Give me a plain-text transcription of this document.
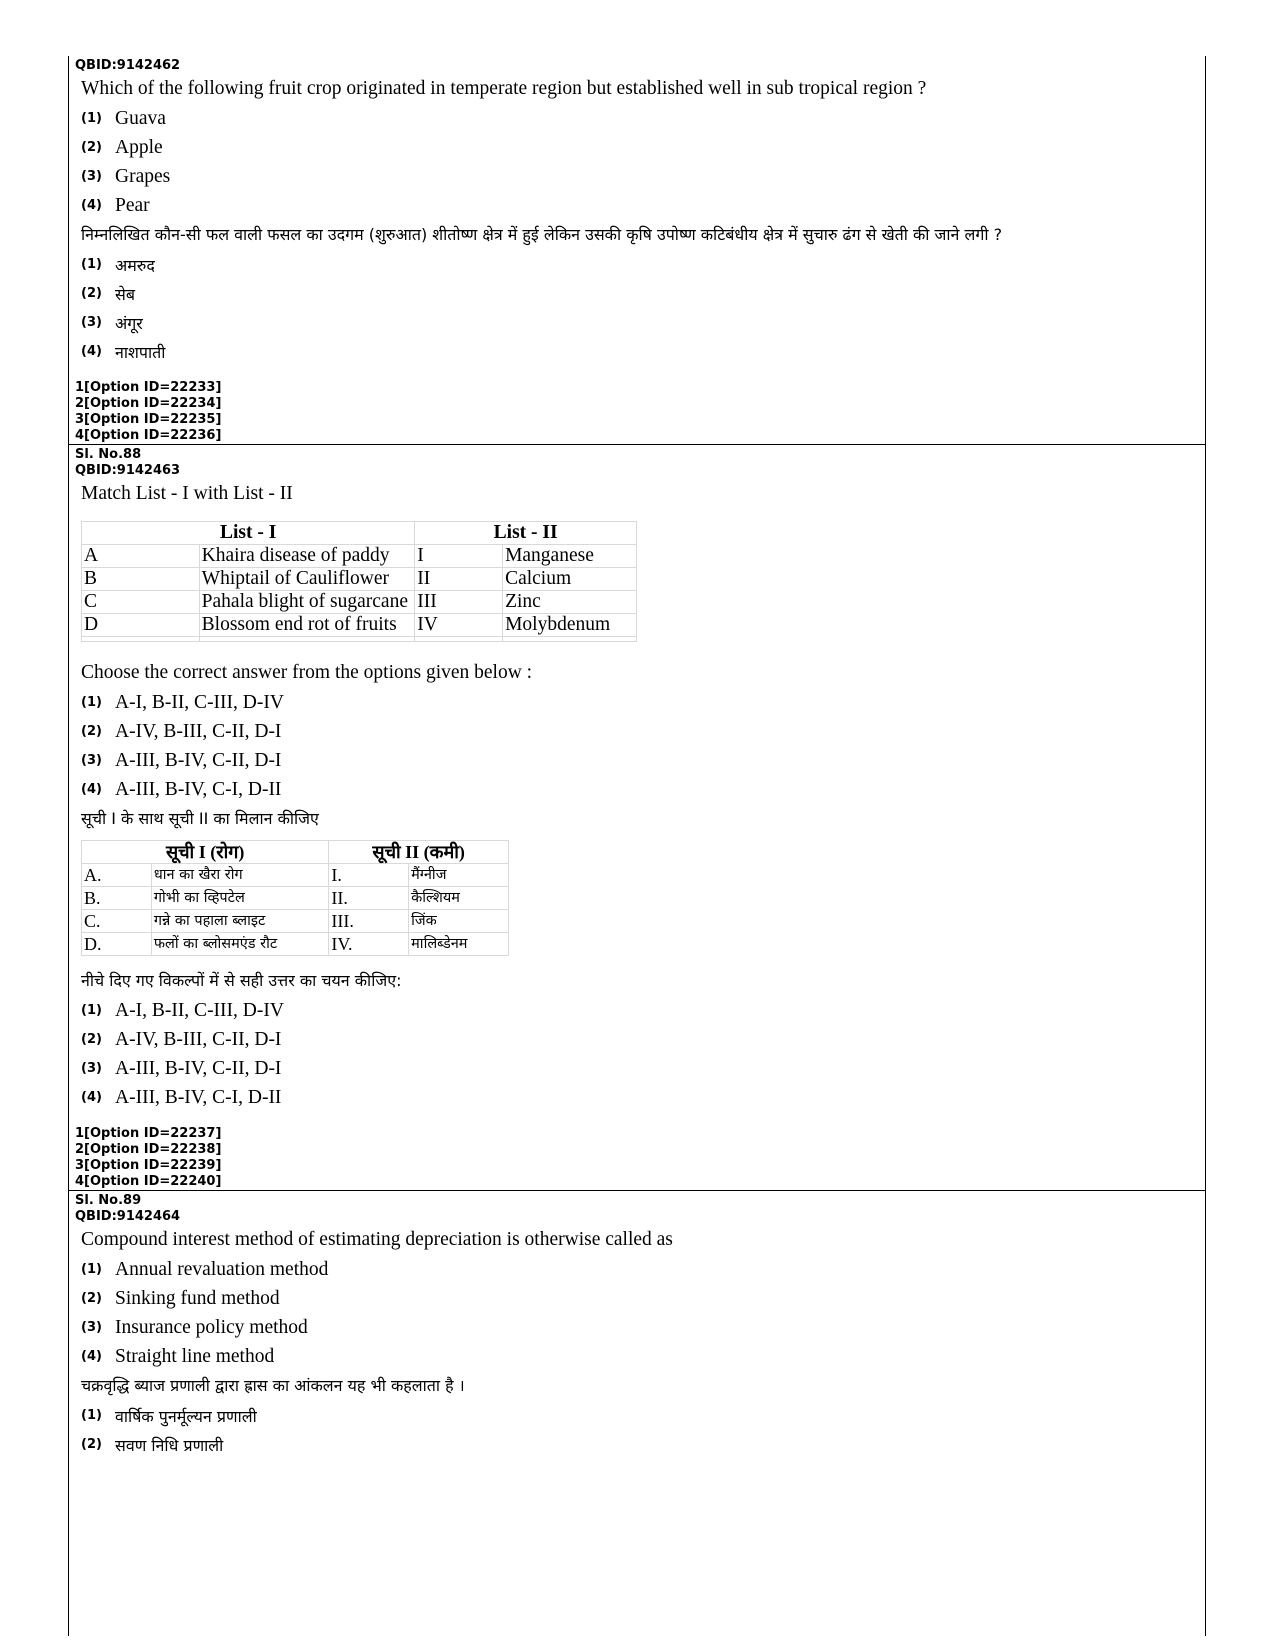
QBID:9142462
Which of the following fruit crop originated in temperate region but established well in sub tropical region ?
(1) Guava
(2) Apple
(3) Grapes
(4) Pear
निम्नलिखित कौन-सी फल वाली फसल का उदगम (शुरुआत) शीतोष्ण क्षेत्र में हुई लेकिन उसकी कृषि उपोष्ण कटिबंधीय क्षेत्र में सुचारु ढंग से खेती की जाने लगी ?
(1) अमरुद
(2) सेब
(3) अंगूर
(4) नाशपाती
1[Option ID=22233]
2[Option ID=22234]
3[Option ID=22235]
4[Option ID=22236]
Sl. No.88
QBID:9142463
Match List - I with List - II
List - I		List - II	
A	Khaira disease of paddy	I	Manganese
B	Whiptail of Cauliflower	II	Calcium
C	Pahala blight of sugarcane	III	Zinc
D	Blossom end rot of fruits	IV	Molybdenum

Choose the correct answer from the options given below :
(1) A-I, B-II, C-III, D-IV
(2) A-IV, B-III, C-II, D-I
(3) A-III, B-IV, C-II, D-I
(4) A-III, B-IV, C-I, D-II
सूची I के साथ सूची II का मिलान कीजिए
सूची I (रोग)		सूची II (कमी)	
A.	धान का खैरा रोग	I.	मैंग्नीज
B.	गोभी का व्हिपटेल	II.	कैल्शियम
C.	गन्ने का पहाला ब्लाइट	III.	जिंक
D.	फलों का ब्लोसमएंड रौट	IV.	मालिब्डेनम
नीचे दिए गए विकल्पों में से सही उत्तर का चयन कीजिए:
(1) A-I, B-II, C-III, D-IV
(2) A-IV, B-III, C-II, D-I
(3) A-III, B-IV, C-II, D-I
(4) A-III, B-IV, C-I, D-II
1[Option ID=22237]
2[Option ID=22238]
3[Option ID=22239]
4[Option ID=22240]
Sl. No.89
QBID:9142464
Compound interest method of estimating depreciation is otherwise called as
(1) Annual revaluation method
(2) Sinking fund method
(3) Insurance policy method
(4) Straight line method
चक्रवृद्धि ब्याज प्रणाली द्वारा ह्रास का आंकलन यह भी कहलाता है ।
(1) वार्षिक पुनर्मूल्यन प्रणाली
(2) सवण निधि प्रणाली
